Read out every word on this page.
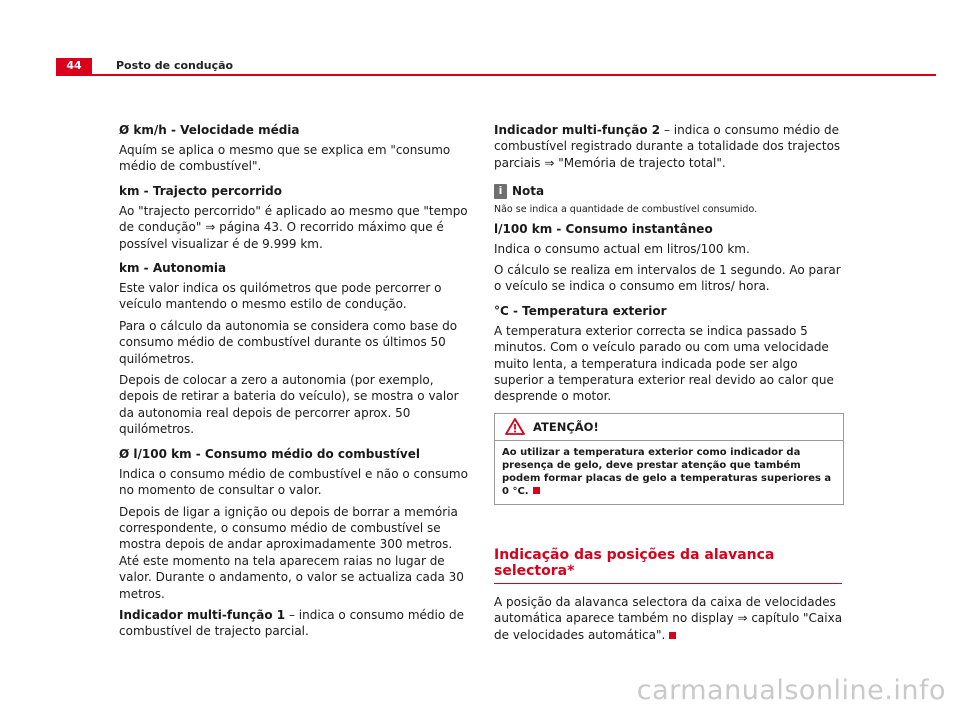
44	Posto de condução
Ø km/h - Velocidade média

Aquím se aplica o mesmo que se explica em "consumo médio de combustível".

km - Trajecto percorrido

Ao "trajecto percorrido" é aplicado ao mesmo que "tempo de condução" ⇒ página 43. O recorrido máximo que é possível visualizar é de 9.999 km.

km - Autonomia

Este valor indica os quilómetros que pode percorrer o veículo mantendo o mesmo estilo de condução.

Para o cálculo da autonomia se considera como base do consumo médio de combustível durante os últimos 50 quilómetros.

Depois de colocar a zero a autonomia (por exemplo, depois de retirar a bateria do veículo), se mostra o valor da autonomia real depois de percorrer aprox. 50 quilómetros.

Ø l/100 km - Consumo médio do combustível

Indica o consumo médio de combustível e não o consumo no momento de consultar o valor.

Depois de ligar a ignição ou depois de borrar a memória correspondente, o consumo médio de combustível se mostra depois de andar aproximadamente 300 metros. Até este momento na tela aparecem raias no lugar de valor. Durante o andamento, o valor se actualiza cada 30 metros.

Indicador multi-função 1 – indica o consumo médio de combustível de trajecto parcial.

Indicador multi-função 2 – indica o consumo médio de combustível registrado durante a totalidade dos trajectos parciais ⇒ "Memória de trajecto total".

i Nota

Não se indica a quantidade de combustível consumido.

l/100 km - Consumo instantâneo

Indica o consumo actual em litros/100 km.

O cálculo se realiza em intervalos de 1 segundo. Ao parar o veículo se indica o consumo em litros/ hora.

°C - Temperatura exterior

A temperatura exterior correcta se indica passado 5 minutos. Com o veículo parado ou com uma velocidade muito lenta, a temperatura indicada pode ser algo superior a temperatura exterior real devido ao calor que desprende o motor.

ATENÇÃO!
Ao utilizar a temperatura exterior como indicador da presença de gelo, deve prestar atenção que também podem formar placas de gelo a temperaturas superiores a 0 °C.
Indicação das posições da alavanca selectora*

A posição da alavanca selectora da caixa de velocidades automática aparece também no display ⇒ capítulo "Caixa de velocidades automática".

carmanualsonline.info
